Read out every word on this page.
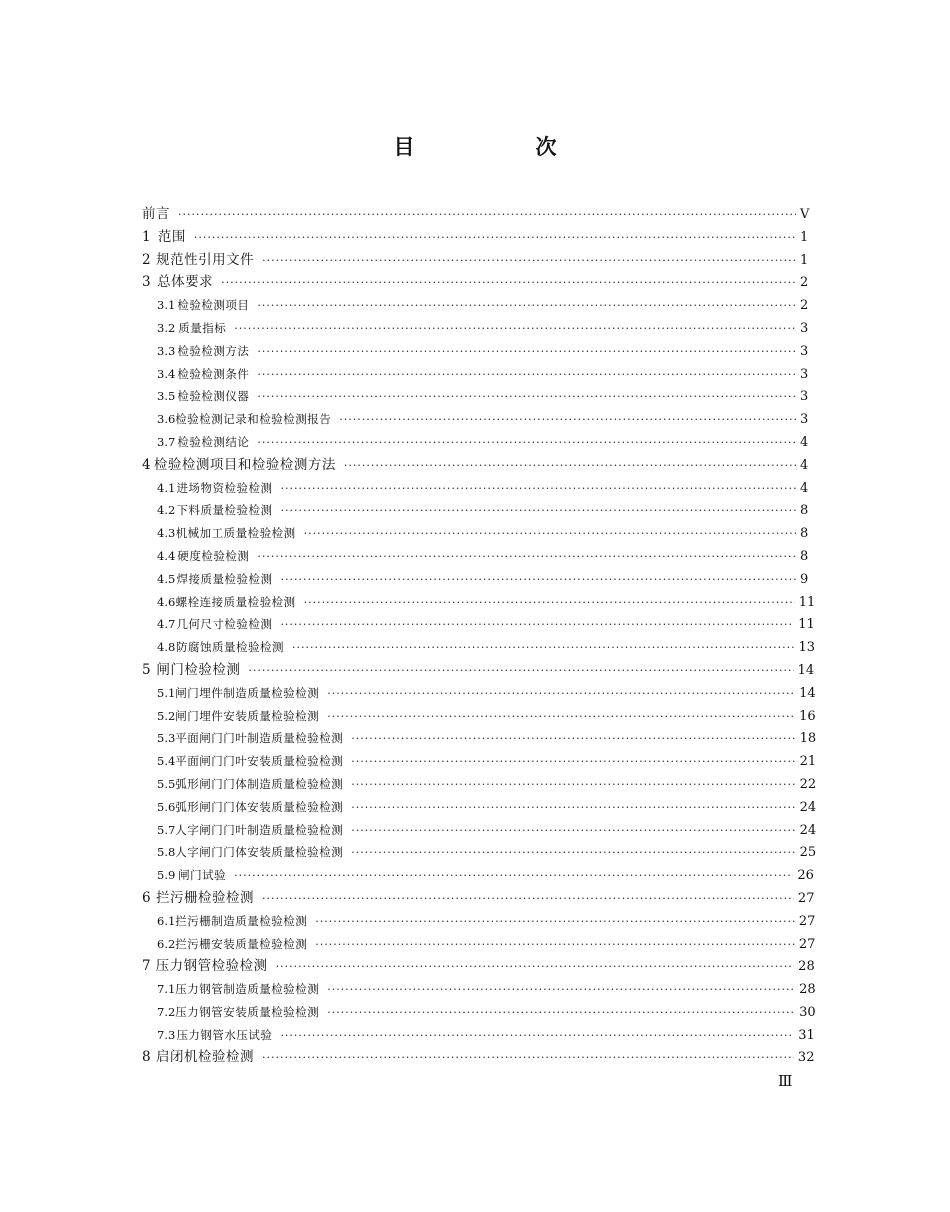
目　次
前言 ·····	V
1 范围 ·····	1
2 规范性引用文件 ·····	1
3 总体要求 ·····	2
3.1 检验检测项目 ·····	2
3.2 质量指标 ·····	3
3.3 检验检测方法 ·····	3
3.4 检验检测条件 ·····	3
3.5 检验检测仪器 ·····	3
3.6 检验检测记录和检验检测报告 ·····	3
3.7 检验检测结论 ·····	4
4 检验检测项目和检验检测方法 ·····	4
4.1 进场物资检验检测 ·····	4
4.2 下料质量检验检测 ·····	8
4.3 机械加工质量检验检测 ·····	8
4.4 硬度检验检测 ·····	8
4.5 焊接质量检验检测 ·····	9
4.6 螺栓连接质量检验检测 ·····	11
4.7 几何尺寸检验检测 ·····	11
4.8 防腐蚀质量检验检测 ·····	13
5 闸门检验检测 ·····	14
5.1 闸门埋件制造质量检验检测 ·····	14
5.2 闸门埋件安装质量检验检测 ·····	16
5.3 平面闸门门叶制造质量检验检测 ·····	18
5.4 平面闸门门叶安装质量检验检测 ·····	21
5.5 弧形闸门门体制造质量检验检测 ·····	22
5.6 弧形闸门门体安装质量检验检测 ·····	24
5.7 人字闸门门叶制造质量检验检测 ·····	24
5.8 人字闸门门体安装质量检验检测 ·····	25
5.9 闸门试验 ·····	26
6 拦污栅检验检测 ·····	27
6.1 拦污栅制造质量检验检测 ·····	27
6.2 拦污栅安装质量检验检测 ·····	27
7 压力钢管检验检测 ·····	28
7.1 压力钢管制造质量检验检测 ·····	28
7.2 压力钢管安装质量检验检测 ·····	30
7.3 压力钢管水压试验 ·····	31
8 启闭机检验检测 ·····	32
Ⅲ
